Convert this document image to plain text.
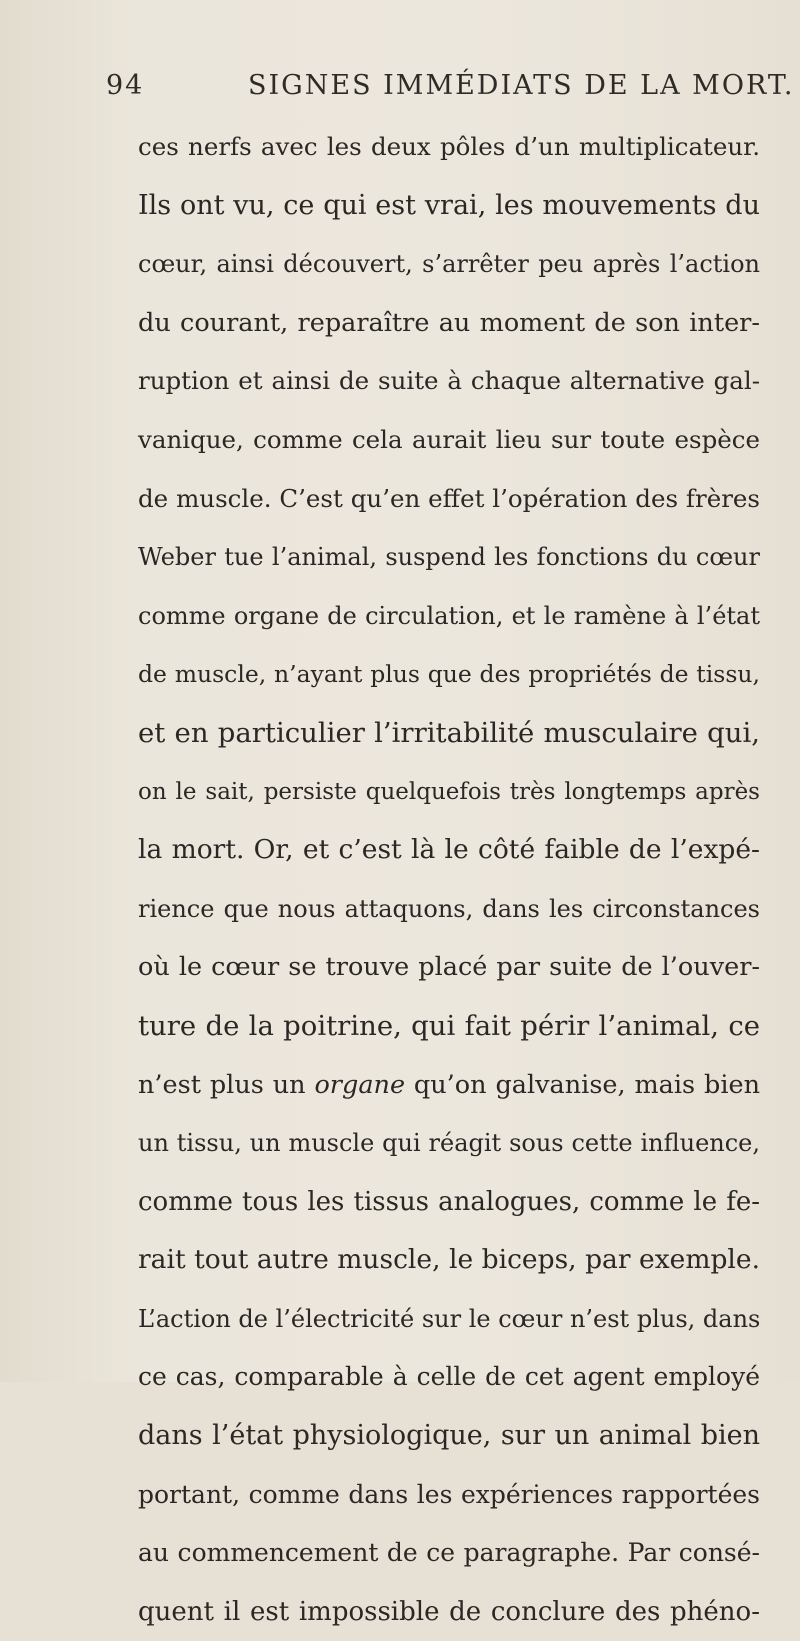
94	SIGNES IMMÉDIATS DE LA MORT.
ces nerfs avec les deux pôles d’un multiplicateur.
Ils ont vu, ce qui est vrai, les mouvements du
cœur, ainsi découvert, s’arrêter peu après l’action
du courant, reparaître au moment de son inter-
ruption et ainsi de suite à chaque alternative gal-
vanique, comme cela aurait lieu sur toute espèce
de muscle. C’est qu’en effet l’opération des frères
Weber tue l’animal, suspend les fonctions du cœur
comme organe de circulation, et le ramène à l’état
de muscle, n’ayant plus que des propriétés de tissu,
et en particulier l’irritabilité musculaire qui,
on le sait, persiste quelquefois très longtemps après
la mort. Or, et c’est là le côté faible de l’expé-
rience que nous attaquons, dans les circonstances
où le cœur se trouve placé par suite de l’ouver-
ture de la poitrine, qui fait périr l’animal, ce
n’est plus un organe qu’on galvanise, mais bien
un tissu, un muscle qui réagit sous cette influence,
comme tous les tissus analogues, comme le fe-
rait tout autre muscle, le biceps, par exemple.
L’action de l’électricité sur le cœur n’est plus, dans
ce cas, comparable à celle de cet agent employé
dans l’état physiologique, sur un animal bien
portant, comme dans les expériences rapportées
au commencement de ce paragraphe. Par consé-
quent il est impossible de conclure des phéno-
